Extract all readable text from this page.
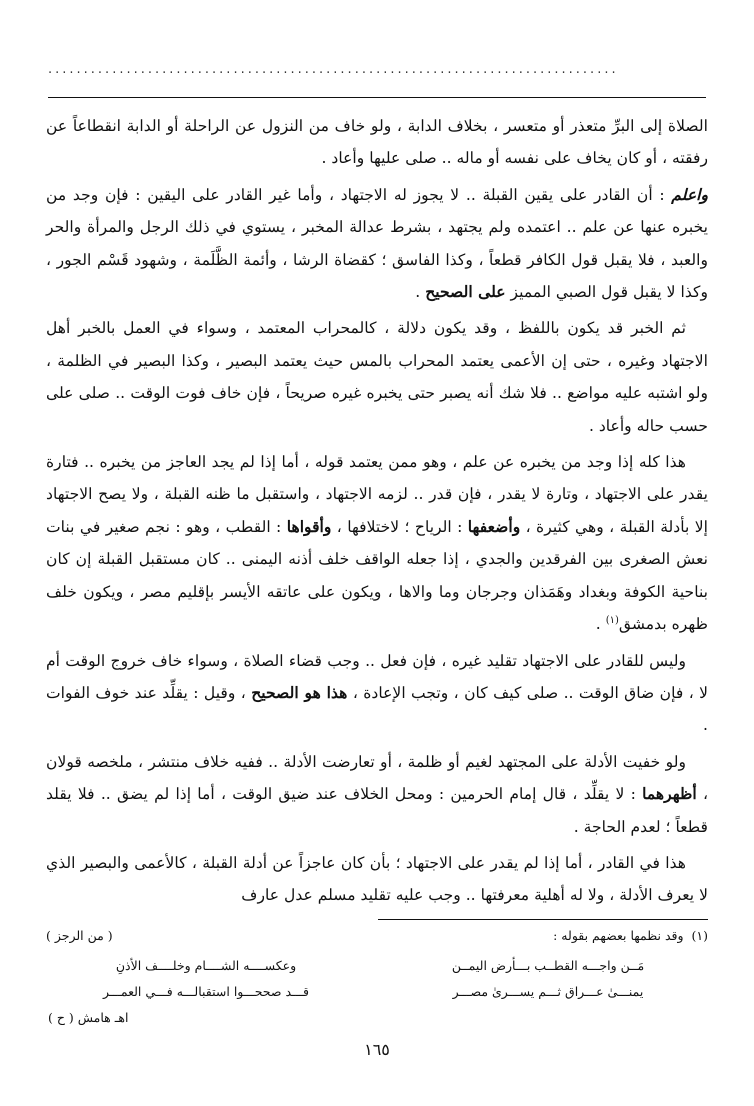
................................................................................

الصلاة إلى البرِّ متعذر أو متعسر ، بخلاف الدابة ، ولو خاف من النزول عن الراحلة أو الدابة انقطاعاً عن رفقته ، أو كان يخاف على نفسه أو ماله .. صلى عليها وأعاد .

واعلم : أن القادر على يقين القبلة .. لا يجوز له الاجتهاد ، وأما غير القادر على اليقين : فإن وجد من يخبره عنها عن علم .. اعتمده ولم يجتهد ، بشرط عدالة المخبر ، يستوي في ذلك الرجل والمرأة والحر والعبد ، فلا يقبل قول الكافر قطعاً ، وكذا الفاسق ؛ كقضاة الرشا ، وأئمة الظَّلَمة ، وشهود قَسْم الجور ، وكذا لا يقبل قول الصبي المميز على الصحيح .

ثم الخبر قد يكون باللفظ ، وقد يكون دلالة ، كالمحراب المعتمد ، وسواء في العمل بالخبر أهل الاجتهاد وغيره ، حتى إن الأعمى يعتمد المحراب بالمس حيث يعتمد البصير ، وكذا البصير في الظلمة ، ولو اشتبه عليه مواضع .. فلا شك أنه يصبر حتى يخبره غيره صريحاً ، فإن خاف فوت الوقت .. صلى على حسب حاله وأعاد .

هذا كله إذا وجد من يخبره عن علم ، وهو ممن يعتمد قوله ، أما إذا لم يجد العاجز من يخبره .. فتارة يقدر على الاجتهاد ، وتارة لا يقدر ، فإن قدر .. لزمه الاجتهاد ، واستقبل ما ظنه القبلة ، ولا يصح الاجتهاد إلا بأدلة القبلة ، وهي كثيرة ، وأضعفها : الرياح ؛ لاختلافها ، وأقواها : القطب ، وهو : نجم صغير في بنات نعش الصغرى بين الفرقدين والجدي ، إذا جعله الواقف خلف أذنه اليمنى .. كان مستقبل القبلة إن كان بناحية الكوفة وبغداد وهَمَذان وجرجان وما والاها ، ويكون على عاتقه الأيسر بإقليم مصر ، ويكون خلف ظهره بدمشق$^{(١)}$ .

وليس للقادر على الاجتهاد تقليد غيره ، فإن فعل .. وجب قضاء الصلاة ، وسواء خاف خروج الوقت أم لا ، فإن ضاق الوقت .. صلى كيف كان ، وتجب الإعادة ، هذا هو الصحيح ، وقيل : يقلِّد عند خوف الفوات .

ولو خفيت الأدلة على المجتهد لغيم أو ظلمة ، أو تعارضت الأدلة .. ففيه خلاف منتشر ، ملخصه قولان ، أظهرهما : لا يقلِّد ، قال إمام الحرمين : ومحل الخلاف عند ضيق الوقت ، أما إذا لم يضق .. فلا يقلد قطعاً ؛ لعدم الحاجة .

هذا في القادر ، أما إذا لم يقدر على الاجتهاد ؛ بأن كان عاجزاً عن أدلة القبلة ، كالأعمى والبصير الذي لا يعرف الأدلة ، ولا له أهلية معرفتها .. وجب عليه تقليد مسلم عدل عارف

(١)  وقد نظمها بعضهم بقوله :
( من الرجز )
مَــن واجـــه القطــب بـــأرض اليمــن
وعكســــه الشــــام وخلــــف الأذنِ
يمنـــىٰ عـــراق ثـــم يســـرىٰ مصـــر
قـــد صححـــوا استقبالـــه فـــي العمـــر
اهـ هامش ( ح )
١٦٥
